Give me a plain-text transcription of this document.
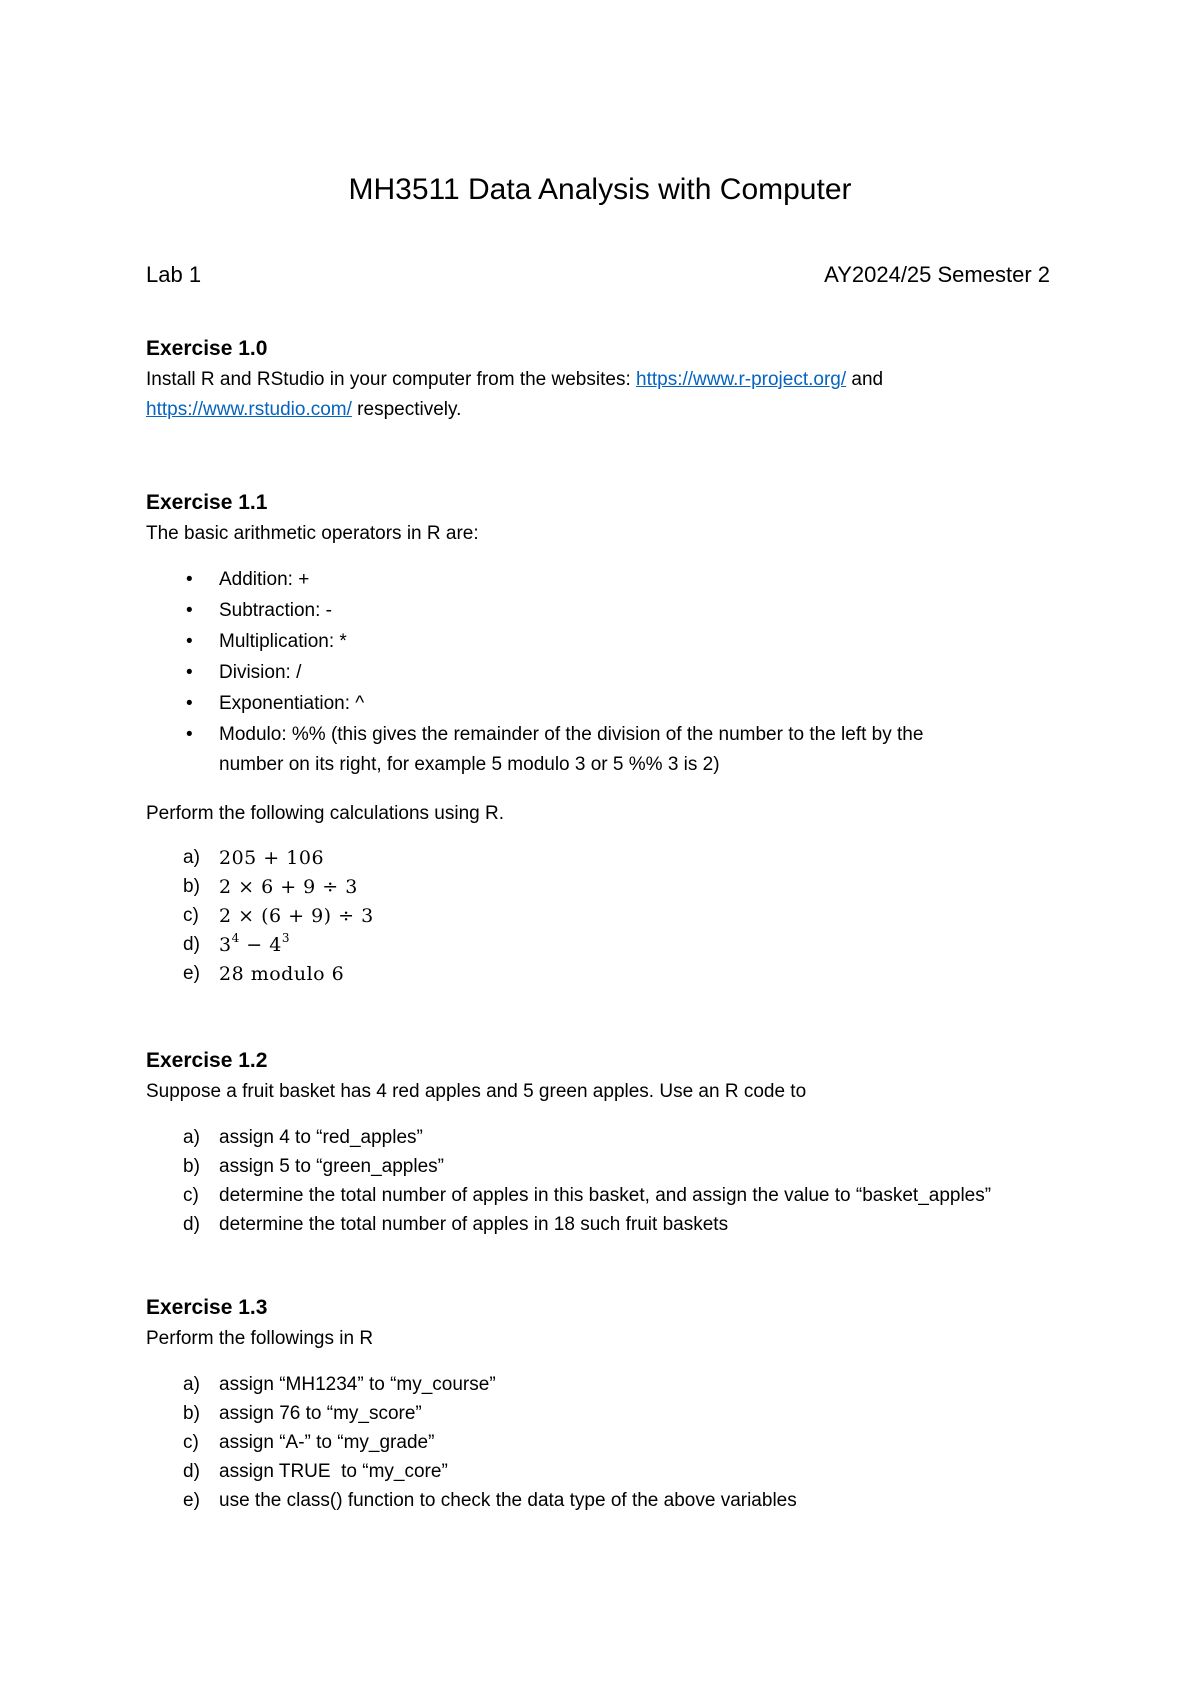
MH3511 Data Analysis with Computer
Lab 1	AY2024/25 Semester 2
Exercise 1.0
Install R and RStudio in your computer from the websites: https://www.r-project.org/ and
https://www.rstudio.com/ respectively.
Exercise 1.1
The basic arithmetic operators in R are:
• Addition: +
• Subtraction: -
• Multiplication: *
• Division: /
• Exponentiation: ^
• Modulo: %% (this gives the remainder of the division of the number to the left by the
number on its right, for example 5 modulo 3 or 5 %% 3 is 2)
Perform the following calculations using R.
a) 205 + 106
b) 2 × 6 + 9 ÷ 3
c) 2 × (6 + 9) ÷ 3
d) $3^4 - 4^3$
e) 28 modulo 6
Exercise 1.2
Suppose a fruit basket has 4 red apples and 5 green apples. Use an R code to
a) assign 4 to “red_apples”
b) assign 5 to “green_apples”
c) determine the total number of apples in this basket, and assign the value to “basket_apples”
d) determine the total number of apples in 18 such fruit baskets
Exercise 1.3
Perform the followings in R
a) assign “MH1234” to “my_course”
b) assign 76 to “my_score”
c) assign “A-” to “my_grade”
d) assign TRUE  to “my_core”
e) use the class() function to check the data type of the above variables
